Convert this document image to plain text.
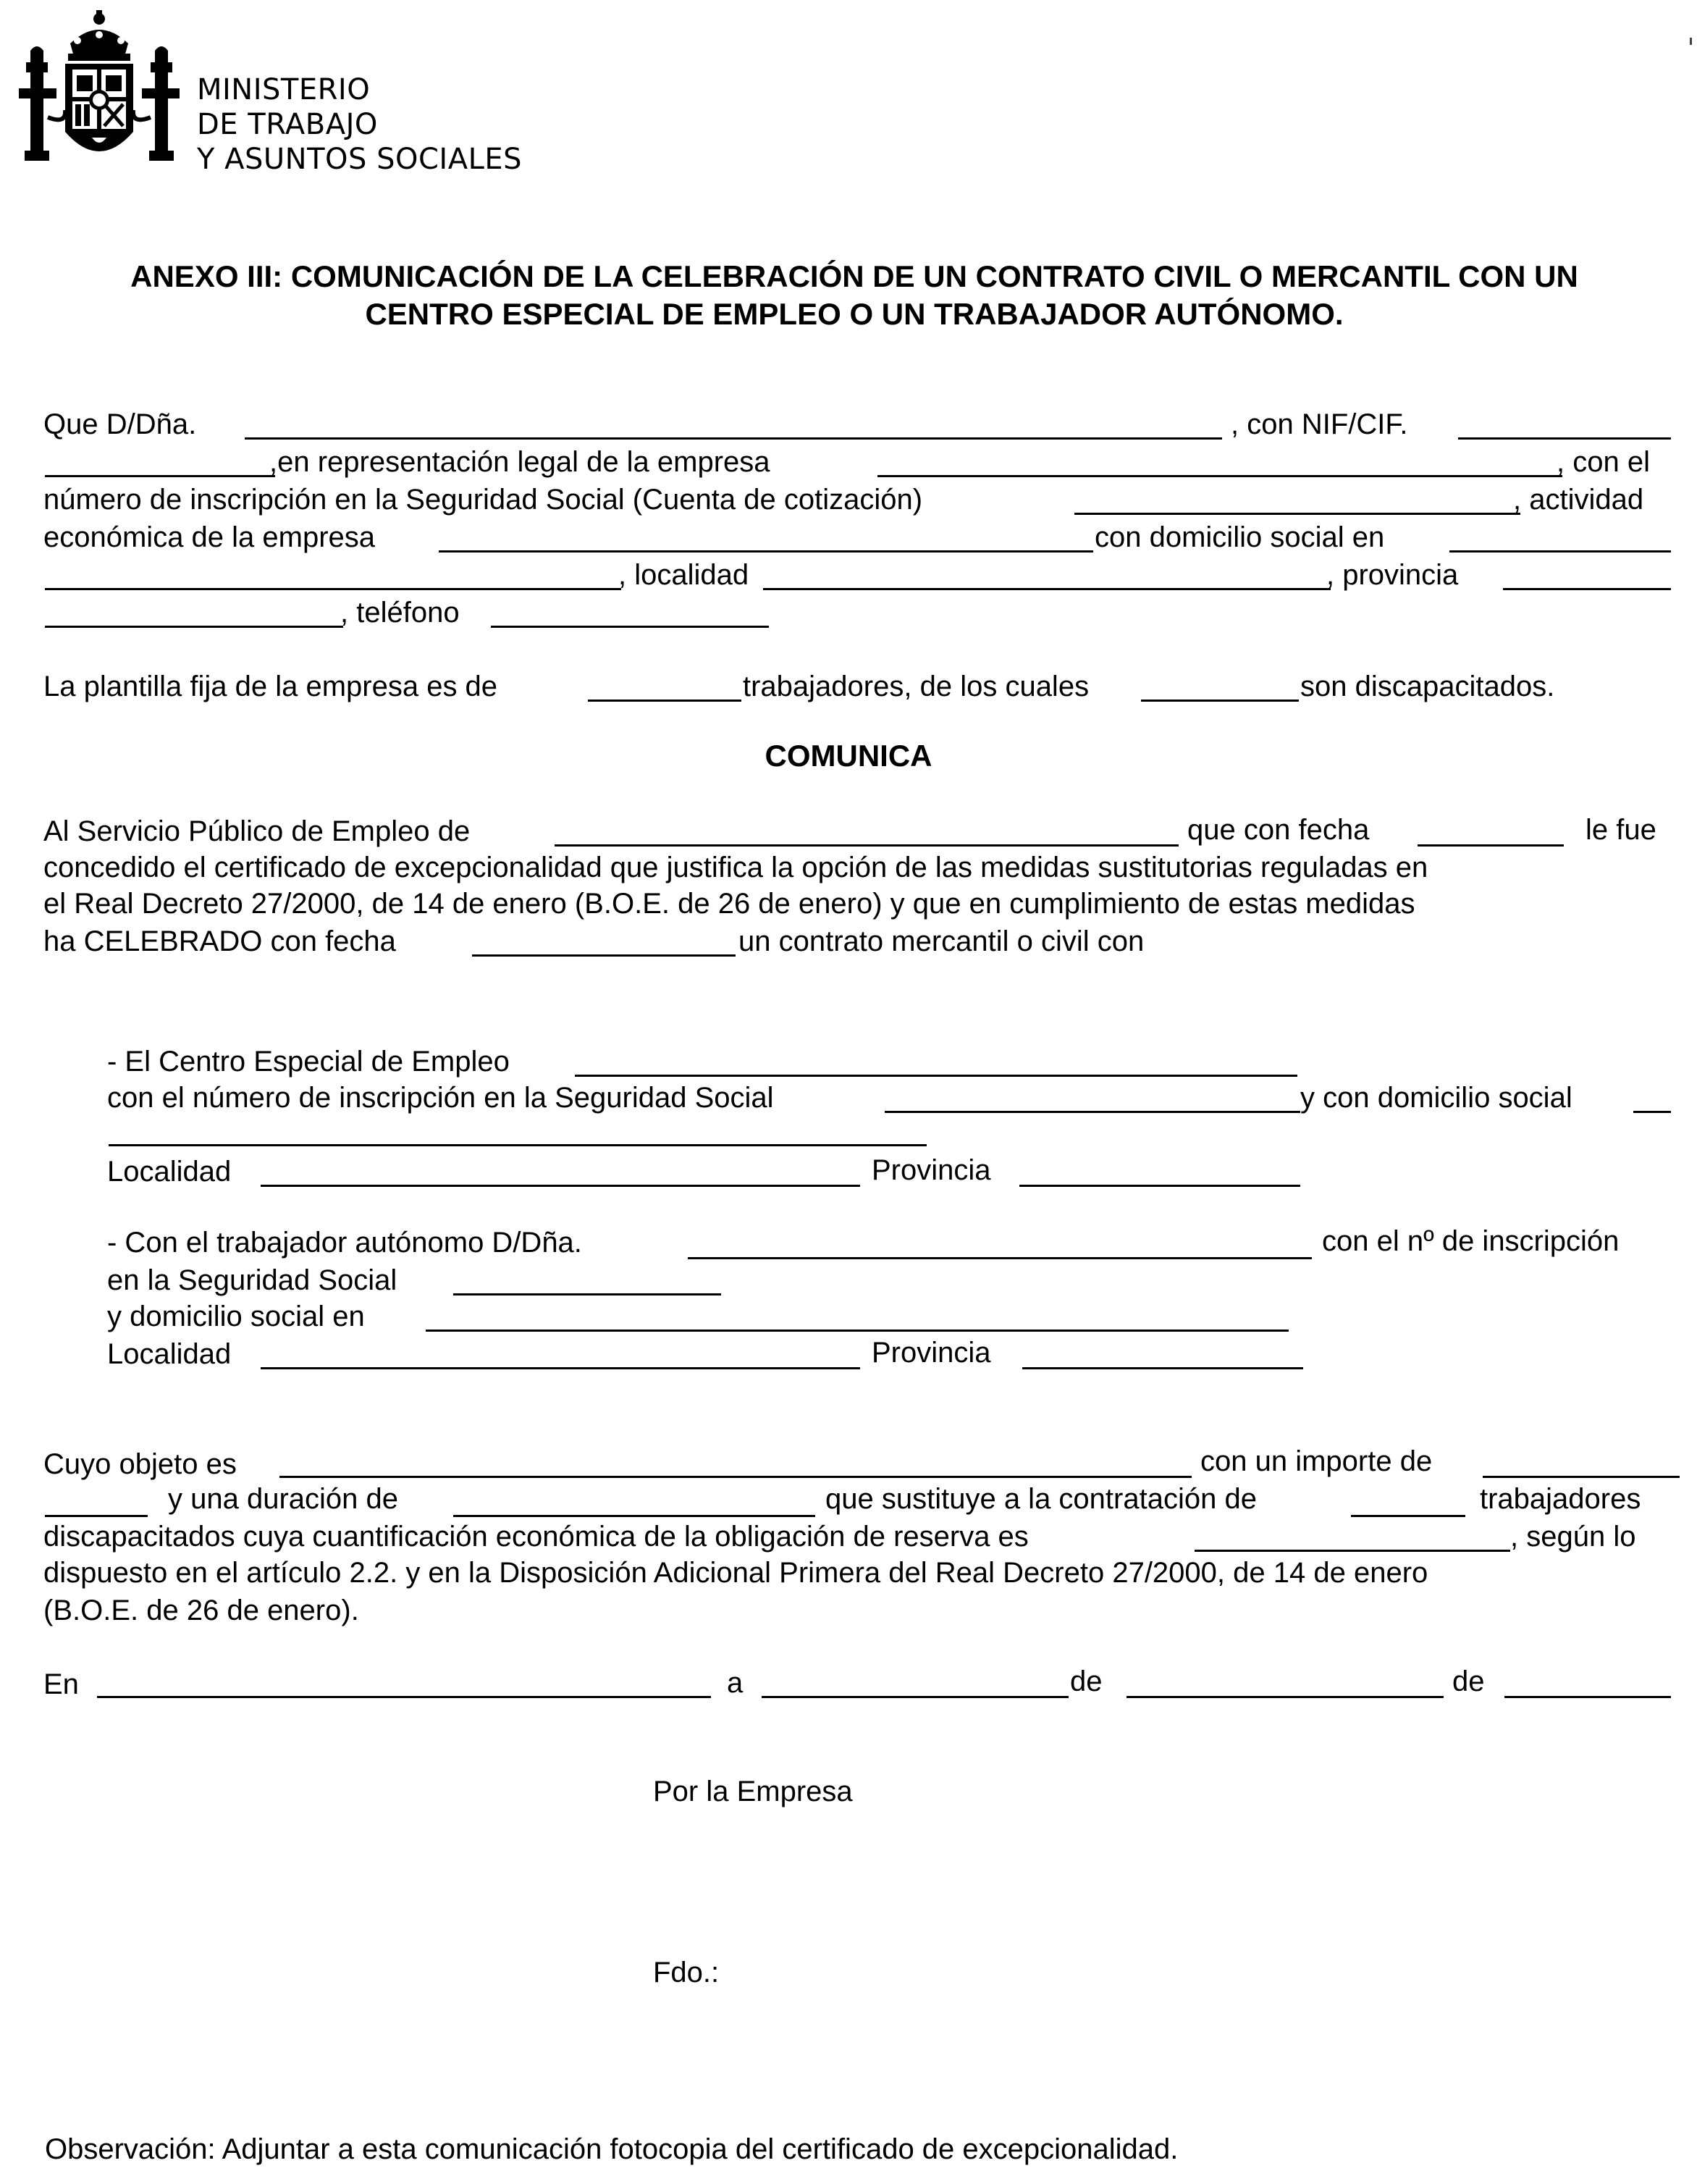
MINISTERIO
DE TRABAJO
Y ASUNTOS SOCIALES
ANEXO III: COMUNICACIÓN DE LA CELEBRACIÓN DE UN CONTRATO CIVIL O MERCANTIL CON UN
CENTRO ESPECIAL DE EMPLEO O UN TRABAJADOR AUTÓNOMO.
Que D/Dña.	, con NIF/CIF.
,en representación legal de la empresa	, con el
número de inscripción en la Seguridad Social (Cuenta de cotización)	, actividad
económica de la empresa	con domicilio social en
, localidad	, provincia
, teléfono
La plantilla fija de la empresa es de	trabajadores, de los cuales	son discapacitados.
COMUNICA
Al Servicio Público de Empleo de	que con fecha	le fue
concedido el certificado de excepcionalidad que justifica la opción de las medidas sustitutorias reguladas en
el Real Decreto 27/2000, de 14 de enero (B.O.E. de 26 de enero) y que en cumplimiento de estas medidas
ha CELEBRADO con fecha	un contrato mercantil o civil con
- El Centro Especial de Empleo
con el número de inscripción en la Seguridad Social	y con domicilio social
Localidad	Provincia
- Con el trabajador autónomo D/Dña.	con el nº de inscripción
en la Seguridad Social
y domicilio social en
Localidad	Provincia
Cuyo objeto es	con un importe de
y una duración de	que sustituye a la contratación de	trabajadores
discapacitados cuya cuantificación económica de la obligación de reserva es	, según lo
dispuesto en el artículo 2.2. y en la Disposición Adicional Primera del Real Decreto 27/2000, de 14 de enero
(B.O.E. de 26 de enero).
En	a	de	de
Por la Empresa
Fdo.:
Observación: Adjuntar a esta comunicación fotocopia del certificado de excepcionalidad.
